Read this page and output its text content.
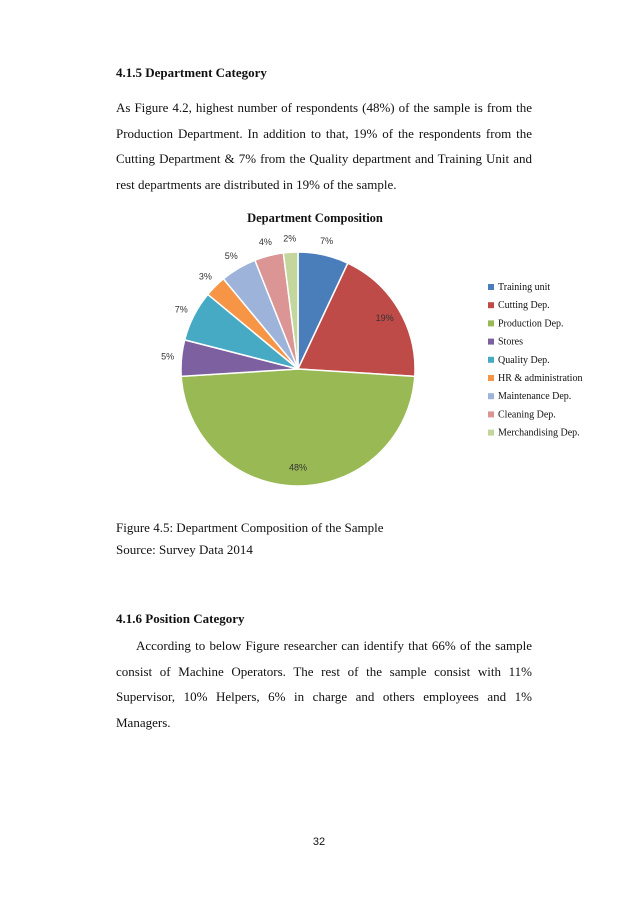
4.1.5 Department Category
As Figure 4.2, highest number of respondents (48%) of the sample is from the Production Department. In addition to that, 19% of the respondents from the Cutting Department & 7% from the Quality department and Training Unit and rest departments are distributed in 19% of the sample.
Department Composition
7%
19%
48%
5%
7%
3%
5%
4% 2%
Training unit
Cutting Dep.
Production Dep.
Stores
Quality Dep.
HR & administration
Maintenance Dep.
Cleaning Dep.
Merchandising Dep.
Figure 4.5: Department Composition of the Sample
Source: Survey Data 2014
4.1.6 Position Category
According to below Figure researcher can identify that 66% of the sample consist of Machine Operators. The rest of the sample consist with 11% Supervisor, 10% Helpers, 6% in charge and others employees and 1% Managers.
32
